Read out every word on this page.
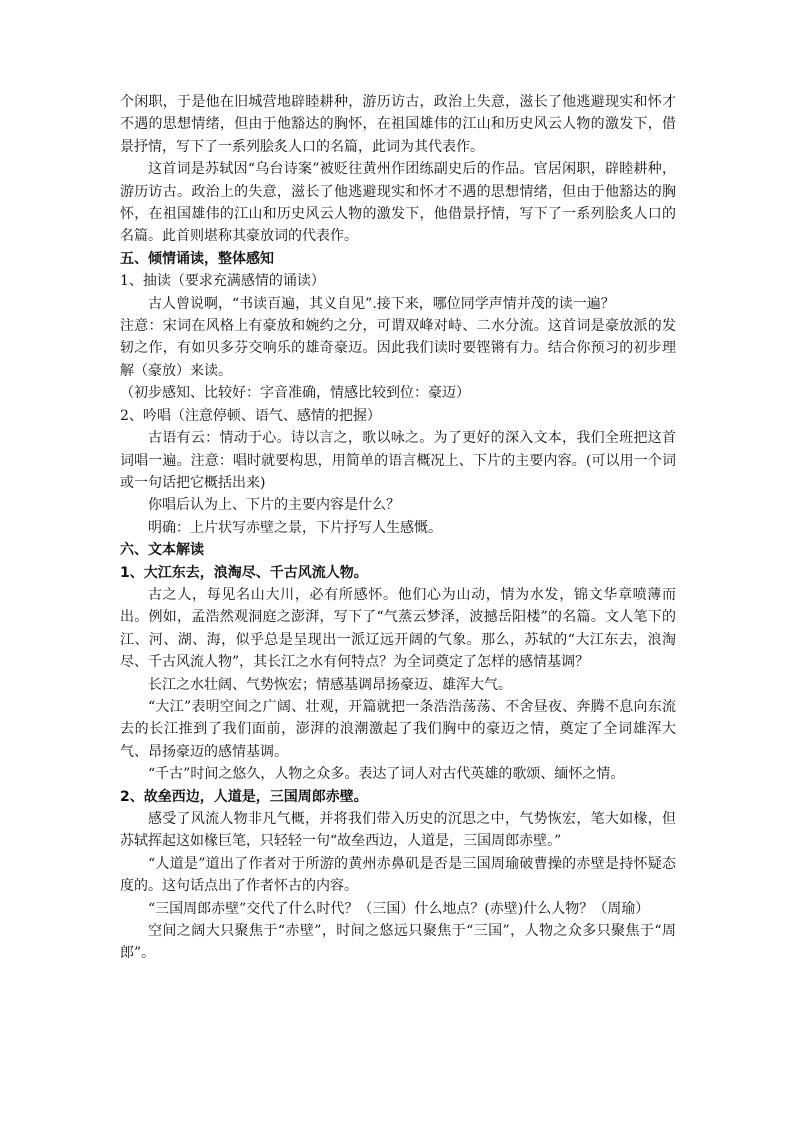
个闲职，于是他在旧城营地辟睦耕种，游历访古，政治上失意，滋长了他逃避现实和怀才不遇的思想情绪，但由于他豁达的胸怀，在祖国雄伟的江山和历史风云人物的激发下，借景抒情，写下了一系列脍炙人口的名篇，此词为其代表作。

这首词是苏轼因“乌台诗案”被贬往黄州作团练副史后的作品。官居闲职，辟睦耕种，游历访古。政治上的失意，滋长了他逃避现实和怀才不遇的思想情绪，但由于他豁达的胸怀，在祖国雄伟的江山和历史风云人物的激发下，他借景抒情，写下了一系列脍炙人口的名篇。此首则堪称其豪放词的代表作。

五、倾情诵读，整体感知

1、抽读（要求充满感情的诵读）

古人曾说啊，“书读百遍，其义自见”.接下来，哪位同学声情并茂的读一遍？

注意：宋词在风格上有豪放和婉约之分，可谓双峰对峙、二水分流。这首词是豪放派的发轫之作，有如贝多芬交响乐的雄奇豪迈。因此我们读时要铿锵有力。结合你预习的初步理解（豪放）来读。

（初步感知、比较好：字音准确，情感比较到位：豪迈）

2、吟唱（注意停顿、语气、感情的把握）

古语有云：情动于心。诗以言之，歌以咏之。为了更好的深入文本，我们全班把这首词唱一遍。注意：唱时就要构思，用简单的语言概况上、下片的主要内容。(可以用一个词或一句话把它概括出来)

你唱后认为上、下片的主要内容是什么？

明确：上片状写赤壁之景，下片抒写人生感慨。

六、文本解读

1、大江东去，浪淘尽、千古风流人物。

古之人，每见名山大川，必有所感怀。他们心为山动，情为水发，锦文华章喷薄而出。例如，孟浩然观洞庭之澎湃，写下了“气蒸云梦泽，波撼岳阳楼”的名篇。文人笔下的江、河、湖、海，似乎总是呈现出一派辽远开阔的气象。那么，苏轼的“大江东去，浪淘尽、千古风流人物”，其长江之水有何特点？为全词奠定了怎样的感情基调？

长江之水壮阔、气势恢宏；情感基调昂扬豪迈、雄浑大气。

“大江”表明空间之广阔、壮观，开篇就把一条浩浩荡荡、不舍昼夜、奔腾不息向东流去的长江推到了我们面前，澎湃的浪潮激起了我们胸中的豪迈之情，奠定了全词雄浑大气、昂扬豪迈的感情基调。

“千古”时间之悠久，人物之众多。表达了词人对古代英雄的歌颂、缅怀之情。

2、故垒西边，人道是，三国周郎赤壁。

感受了风流人物非凡气概，并将我们带入历史的沉思之中，气势恢宏，笔大如椽，但苏轼挥起这如椽巨笔，只轻轻一句“故垒西边，人道是，三国周郎赤壁。”

“人道是”道出了作者对于所游的黄州赤鼻矶是否是三国周瑜破曹操的赤壁是持怀疑态度的。这句话点出了作者怀古的内容。

“三国周郎赤壁”交代了什么时代？（三国）什么地点？(赤壁)什么人物？（周瑜）

空间之阔大只聚焦于“赤壁”，时间之悠远只聚焦于“三国”，人物之众多只聚焦于“周郎”。
